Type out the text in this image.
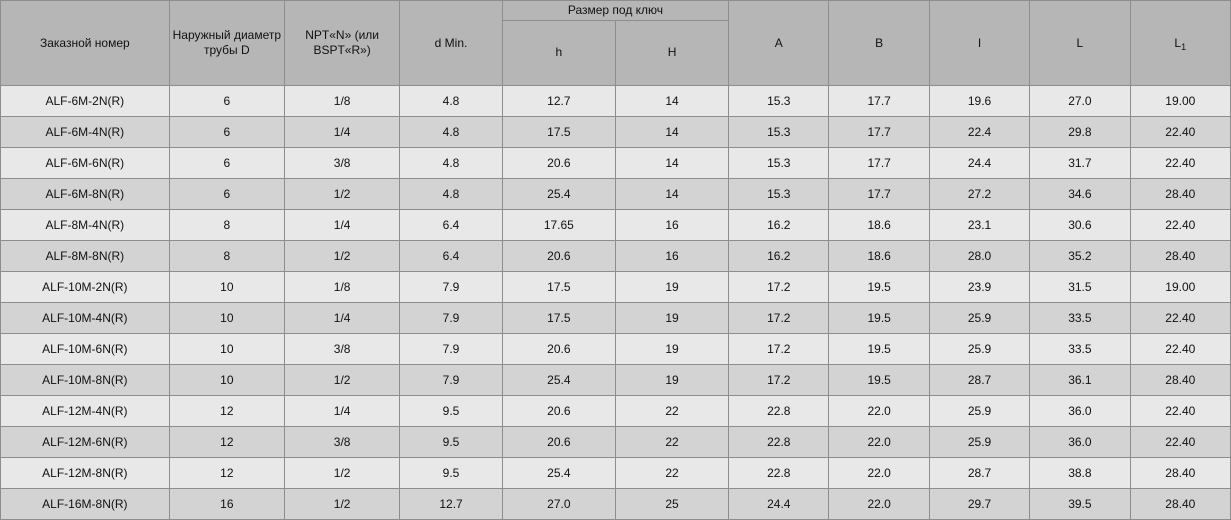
Заказной номер	Наружный диаметр трубы D	NPT«N» (или BSPT«R»)	d Min.	Размер под ключ		A	B	I	L	$L_1$
				h	H					
ALF-6M-2N(R)	6	1/8	4.8	12.7	14	15.3	17.7	19.6	27.0	19.00
ALF-6M-4N(R)	6	1/4	4.8	17.5	14	15.3	17.7	22.4	29.8	22.40
ALF-6M-6N(R)	6	3/8	4.8	20.6	14	15.3	17.7	24.4	31.7	22.40
ALF-6M-8N(R)	6	1/2	4.8	25.4	14	15.3	17.7	27.2	34.6	28.40
ALF-8M-4N(R)	8	1/4	6.4	17.65	16	16.2	18.6	23.1	30.6	22.40
ALF-8M-8N(R)	8	1/2	6.4	20.6	16	16.2	18.6	28.0	35.2	28.40
ALF-10M-2N(R)	10	1/8	7.9	17.5	19	17.2	19.5	23.9	31.5	19.00
ALF-10M-4N(R)	10	1/4	7.9	17.5	19	17.2	19.5	25.9	33.5	22.40
ALF-10M-6N(R)	10	3/8	7.9	20.6	19	17.2	19.5	25.9	33.5	22.40
ALF-10M-8N(R)	10	1/2	7.9	25.4	19	17.2	19.5	28.7	36.1	28.40
ALF-12M-4N(R)	12	1/4	9.5	20.6	22	22.8	22.0	25.9	36.0	22.40
ALF-12M-6N(R)	12	3/8	9.5	20.6	22	22.8	22.0	25.9	36.0	22.40
ALF-12M-8N(R)	12	1/2	9.5	25.4	22	22.8	22.0	28.7	38.8	28.40
ALF-16M-8N(R)	16	1/2	12.7	27.0	25	24.4	22.0	29.7	39.5	28.40
